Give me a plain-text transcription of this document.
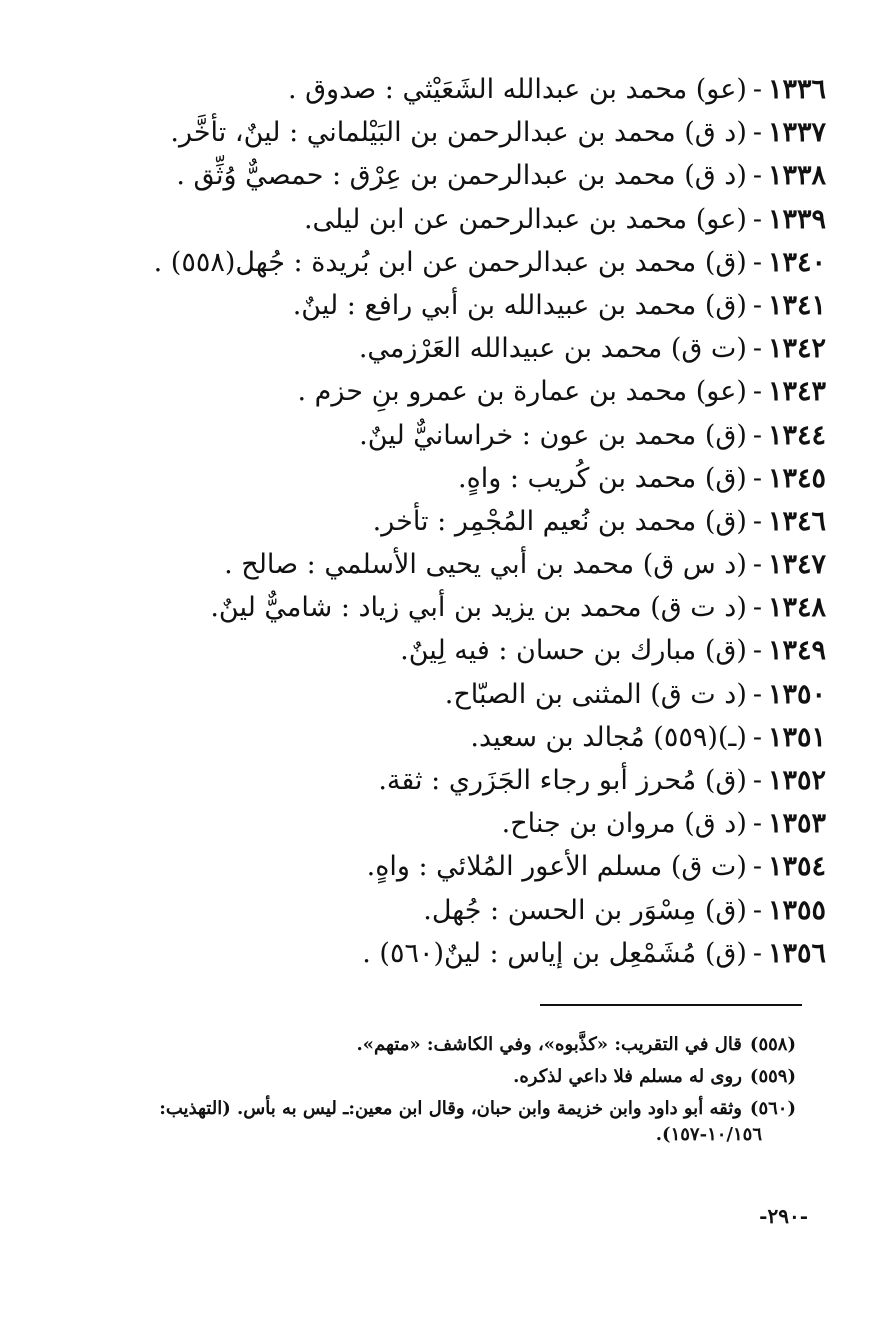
١٣٣٦-(عو) محمد بن عبدالله الشَعَيْثي : صدوق .
١٣٣٧-(د ق) محمد بن عبدالرحمن بن البَيْلماني : لينٌ، تأخَّر.
١٣٣٨-(د ق) محمد بن عبدالرحمن بن عِرْق : حمصيٌّ وُثِّق .
١٣٣٩-(عو) محمد بن عبدالرحمن عن ابن ليلى.
١٣٤٠-(ق) محمد بن عبدالرحمن عن ابن بُريدة : جُهل(٥٥٨) .
١٣٤١-(ق) محمد بن عبيدالله بن أبي رافع : لينٌ.
١٣٤٢-(ت ق) محمد بن عبيدالله العَرْزمي.
١٣٤٣-(عو) محمد بن عمارة بن عمرو بنِ حزم .
١٣٤٤-(ق) محمد بن عون : خراسانيٌّ لينٌ.
١٣٤٥-(ق) محمد بن كُريب : واهٍ.
١٣٤٦-(ق) محمد بن نُعيم المُجْمِر : تأخر.
١٣٤٧-(د س ق) محمد بن أبي يحيى الأسلمي : صالح .
١٣٤٨-(د ت ق) محمد بن يزيد بن أبي زياد : شاميٌّ لينٌ.
١٣٤٩-(ق) مبارك بن حسان : فيه لِينٌ.
١٣٥٠-(د ت ق) المثنى بن الصبّاح.
١٣٥١-(ـ)(٥٥٩) مُجالد بن سعيد.
١٣٥٢-(ق) مُحرز أبو رجاء الجَزَري : ثقة.
١٣٥٣-(د ق) مروان بن جناح.
١٣٥٤-(ت ق) مسلم الأعور المُلائي : واهٍ.
١٣٥٥-(ق) مِسْوَر بن الحسن : جُهل.
١٣٥٦-(ق) مُشَمْعِل بن إياس : لينٌ(٥٦٠) .
(٥٥٨)قال في التقريب: «كذَّبوه»، وفي الكاشف: «متهم».
(٥٥٩)روى له مسلم فلا داعي لذكره.
(٥٦٠)وثقه أبو داود وابن خزيمة وابن حبان، وقال ابن معين:ـ ليس به بأس. (التهذيب:
١٠/١٥٦-١٥٧).
-٢٩٠-
